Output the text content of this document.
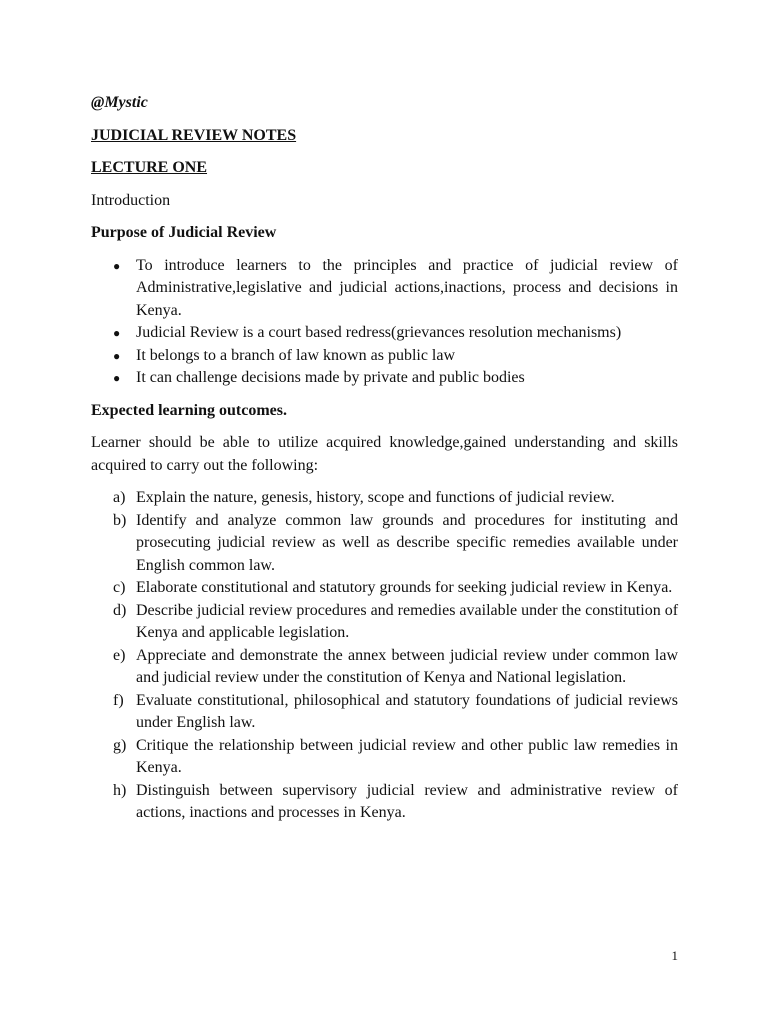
@Mystic
JUDICIAL REVIEW NOTES
LECTURE ONE
Introduction
Purpose of Judicial Review
● To introduce learners to the principles and practice of judicial review of Administrative,legislative and judicial actions,inactions, process and decisions in Kenya.
● Judicial Review is a court based redress(grievances resolution mechanisms)
● It belongs to a branch of law known as public law
● It can challenge decisions made by private and public bodies
Expected learning outcomes.
Learner should be able to utilize acquired knowledge,gained understanding and skills acquired to carry out the following:
a) Explain the nature, genesis, history, scope and functions of judicial review.
b) Identify and analyze common law grounds and procedures for instituting and prosecuting judicial review as well as describe specific remedies available under English common law.
c) Elaborate constitutional and statutory grounds for seeking judicial review in Kenya.
d) Describe judicial review procedures and remedies available under the constitution of Kenya and applicable legislation.
e) Appreciate and demonstrate the annex between judicial review under common law and judicial review under the constitution of Kenya and National legislation.
f) Evaluate constitutional, philosophical and statutory foundations of judicial reviews under English law.
g) Critique the relationship between judicial review and other public law remedies in Kenya.
h) Distinguish between supervisory judicial review and administrative review of actions, inactions and processes in Kenya.
1
